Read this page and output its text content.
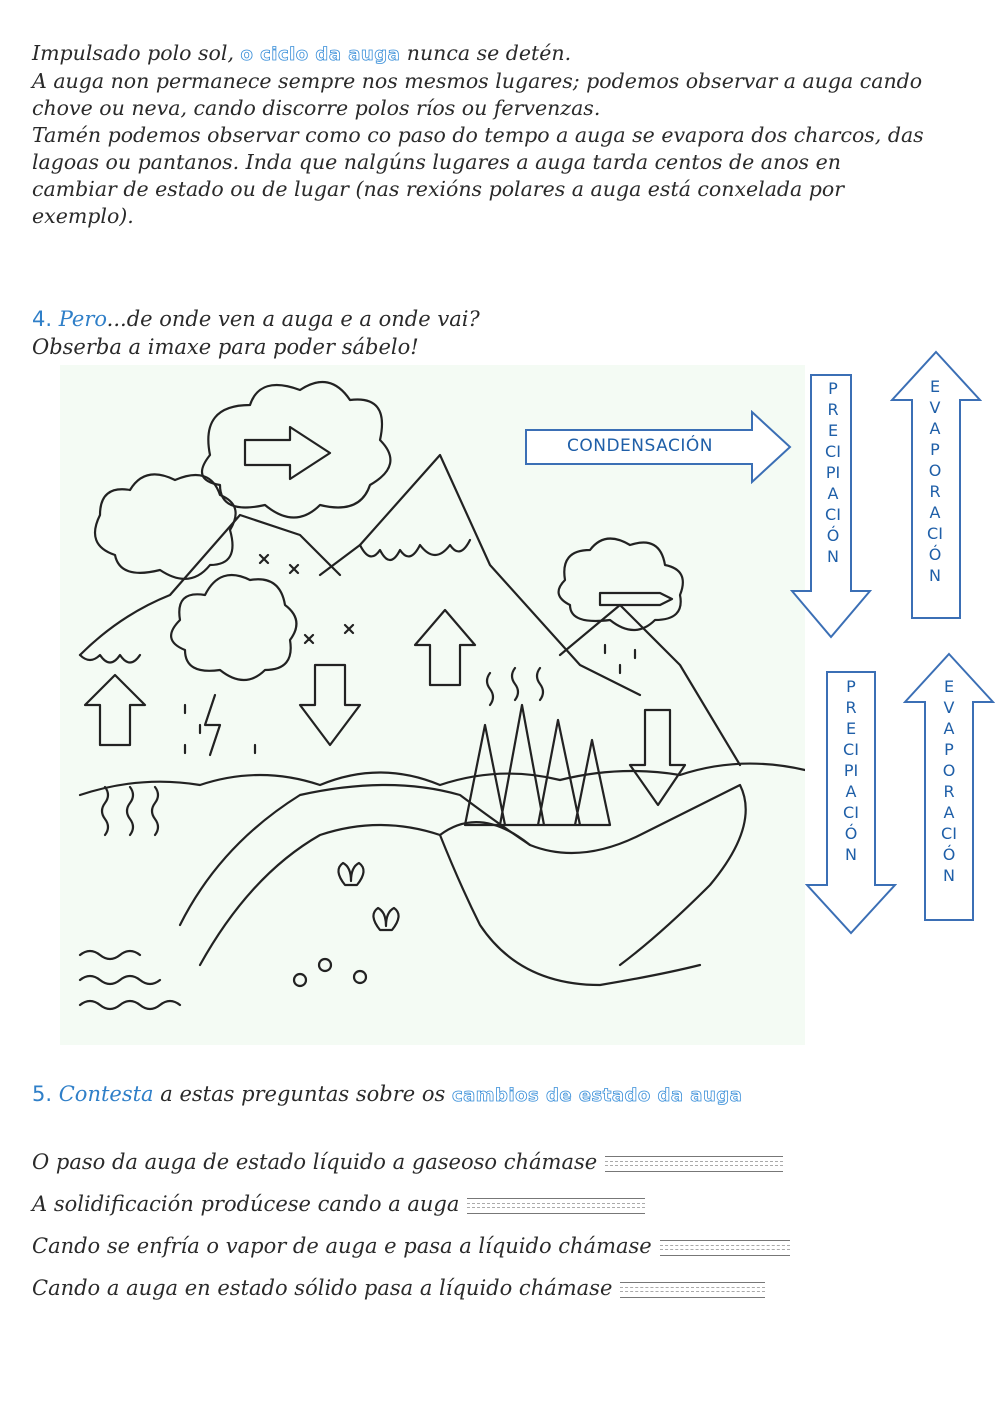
Impulsado polo sol, o ciclo da auga nunca se detén.

A auga non permanece sempre nos mesmos lugares; podemos observar a auga cando chove ou neva, cando discorre polos ríos ou fervenzas.

Tamén podemos observar como co paso do tempo a auga se evapora dos charcos, das lagoas ou pantanos. Inda que nalgúns lugares a auga tarda centos de anos en cambiar de estado ou de lugar (nas rexións polares a auga está conxelada por exemplo).

4. Pero...de onde ven a auga e a onde vai?
Obserba a imaxe para poder sábelo!
CONDENSACIÓN
PRECIPIACIÓN
EVAPORACIÓN
PRECIPIACIÓN
EVAPORACIÓN
5. Contesta a estas preguntas sobre os cambios de estado da auga
O paso da auga de estado líquido a gaseoso chámase
A solidificación prodúcese cando a auga
Cando se enfría o vapor de auga e pasa a líquido chámase
Cando a auga en estado sólido pasa a líquido chámase
